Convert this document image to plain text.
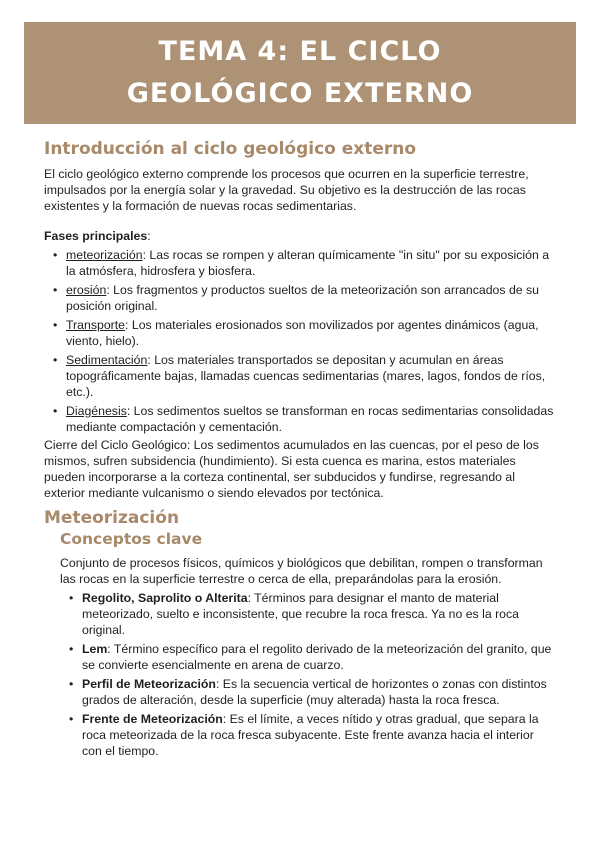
TEMA 4: EL CICLO GEOLÓGICO EXTERNO
Introducción al ciclo geológico externo

El ciclo geológico externo comprende los procesos que ocurren en la superficie terrestre, impulsados por la energía solar y la gravedad. Su objetivo es la destrucción de las rocas existentes y la formación de nuevas rocas sedimentarias.

Fases principales:

• meteorización: Las rocas se rompen y alteran químicamente "in situ" por su exposición a la atmósfera, hidrosfera y biosfera.
• erosión: Los fragmentos y productos sueltos de la meteorización son arrancados de su posición original.
• Transporte: Los materiales erosionados son movilizados por agentes dinámicos (agua, viento, hielo).
• Sedimentación: Los materiales transportados se depositan y acumulan en áreas topográficamente bajas, llamadas cuencas sedimentarias (mares, lagos, fondos de ríos, etc.).
• Diagénesis: Los sedimentos sueltos se transforman en rocas sedimentarias consolidadas mediante compactación y cementación.

Cierre del Ciclo Geológico: Los sedimentos acumulados en las cuencas, por el peso de los mismos, sufren subsidencia (hundimiento). Si esta cuenca es marina, estos materiales pueden incorporarse a la corteza continental, ser subducidos y fundirse, regresando al exterior mediante vulcanismo o siendo elevados por tectónica.

Meteorización
Conceptos clave

Conjunto de procesos físicos, químicos y biológicos que debilitan, rompen o transforman las rocas en la superficie terrestre o cerca de ella, preparándolas para la erosión.

• Regolito, Saprolito o Alterita: Términos para designar el manto de material meteorizado, suelto e inconsistente, que recubre la roca fresca. Ya no es la roca original.
• Lem: Término específico para el regolito derivado de la meteorización del granito, que se convierte esencialmente en arena de cuarzo.
• Perfil de Meteorización: Es la secuencia vertical de horizontes o zonas con distintos grados de alteración, desde la superficie (muy alterada) hasta la roca fresca.
• Frente de Meteorización: Es el límite, a veces nítido y otras gradual, que separa la roca meteorizada de la roca fresca subyacente. Este frente avanza hacia el interior con el tiempo.
